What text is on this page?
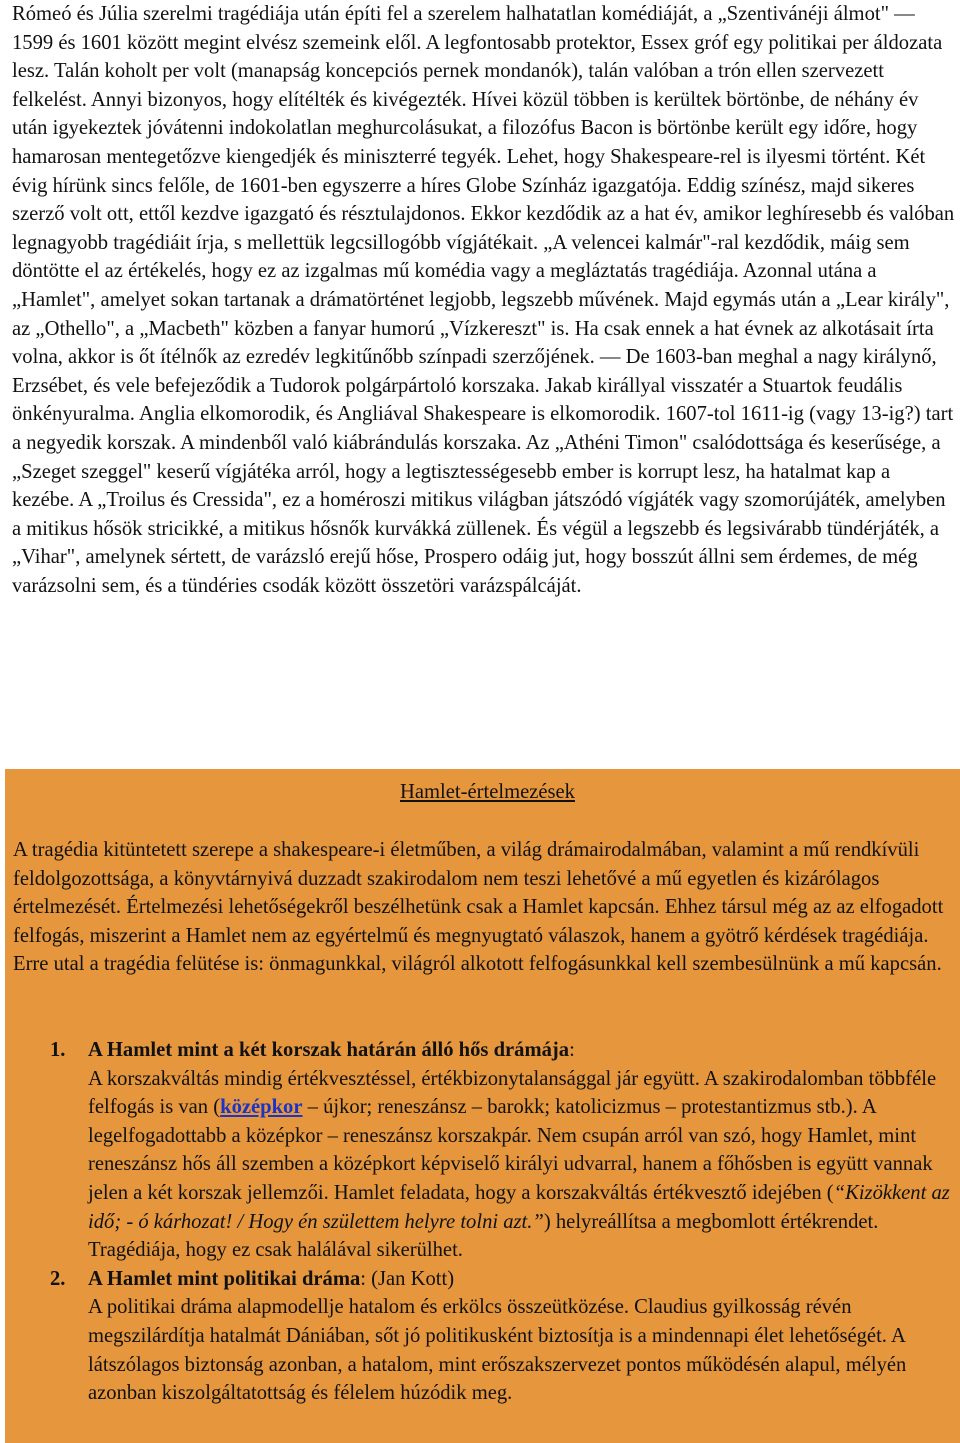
Rómeó és Júlia szerelmi tragédiája után építi fel a szerelem halhatatlan komédiáját, a „Szentivánéji álmot" — 1599 és 1601 között megint elvész szemeink elől. A legfontosabb protektor, Essex gróf egy politikai per áldozata lesz. Talán koholt per volt (manapság koncepciós pernek mondanók), talán valóban a trón ellen szervezett felkelést. Annyi bizonyos, hogy elítélték és kivégezték. Hívei közül többen is kerültek börtönbe, de néhány év után igyekeztek jóvátenni indokolatlan meghurcolásukat, a filozófus Bacon is börtönbe került egy időre, hogy hamarosan mentegetőzve kiengedjék és miniszterré tegyék. Lehet, hogy Shakespeare-rel is ilyesmi történt. Két évig hírünk sincs felőle, de 1601-ben egyszerre a híres Globe Színház igazgatója. Eddig színész, majd sikeres szerző volt ott, ettől kezdve igazgató és résztulajdonos. Ekkor kezdődik az a hat év, amikor leghíresebb és valóban legnagyobb tragédiáit írja, s mellettük legcsillogóbb vígjátékait. „A velencei kalmár"-ral kezdődik, máig sem döntötte el az értékelés, hogy ez az izgalmas mű komédia vagy a megláztatás tragédiája. Azonnal utána a „Hamlet", amelyet sokan tartanak a drámatörténet legjobb, legszebb művének. Majd egymás után a „Lear király", az „Othello", a „Macbeth" közben a fanyar humorú „Vízkereszt" is. Ha csak ennek a hat évnek az alkotásait írta volna, akkor is őt ítélnők az ezredév legkitűnőbb színpadi szerzőjének. — De 1603-ban meghal a nagy királynő, Erzsébet, és vele befejeződik a Tudorok polgárpártoló korszaka. Jakab királlyal visszatér a Stuartok feudális önkényuralma. Anglia elkomorodik, és Angliával Shakespeare is elkomorodik. 1607-tol 1611-ig (vagy 13-ig?) tart a negyedik korszak. A mindenből való kiábrándulás korszaka. Az „Athéni Timon" csalódottsága és keserűsége, a „Szeget szeggel" keserű vígjátéka arról, hogy a legtisztességesebb ember is korrupt lesz, ha hatalmat kap a kezébe. A „Troilus és Cressida", ez a homéroszi mitikus világban játszódó vígjáték vagy szomorújáték, amelyben a mitikus hősök stricikké, a mitikus hősnők kurvákká züllenek. És végül a legszebb és legsivárabb tündérjáték, a „Vihar", amelynek sértett, de varázsló erejű hőse, Prospero odáig jut, hogy bosszút állni sem érdemes, de még varázsolni sem, és a tündéries csodák között összetöri varázspálcáját.

Hamlet-értelmezések

A tragédia kitüntetett szerepe a shakespeare-i életműben, a világ drámairodalmában, valamint a mű rendkívüli feldolgozottsága, a könyvtárnyivá duzzadt szakirodalom nem teszi lehetővé a mű egyetlen és kizárólagos értelmezését. Értelmezési lehetőségekről beszélhetünk csak a Hamlet kapcsán. Ehhez társul még az az elfogadott felfogás, miszerint a Hamlet nem az egyértelmű és megnyugtató válaszok, hanem a gyötrő kérdések tragédiája. Erre utal a tragédia felütése is: önmagunkkal, világról alkotott felfogásunkkal kell szembesülnünk a mű kapcsán.

1. A Hamlet mint a két korszak határán álló hős drámája:
A korszakváltás mindig értékvesztéssel, értékbizonytalansággal jár együtt. A szakirodalomban többféle felfogás is van (középkor – újkor; reneszánsz – barokk; katolicizmus – protestantizmus stb.). A legelfogadottabb a középkor – reneszánsz korszakpár. Nem csupán arról van szó, hogy Hamlet, mint reneszánsz hős áll szemben a középkort képviselő királyi udvarral, hanem a főhősben is együtt vannak jelen a két korszak jellemzői. Hamlet feladata, hogy a korszakváltás értékvesztő idejében (“Kizökkent az idő; - ó kárhozat! / Hogy én születtem helyre tolni azt.”) helyreállítsa a megbomlott értékrendet. Tragédiája, hogy ez csak halálával sikerülhet.
2. A Hamlet mint politikai dráma: (Jan Kott)
A politikai dráma alapmodellje hatalom és erkölcs összeütközése. Claudius gyilkosság révén megszilárdítja hatalmát Dániában, sőt jó politikusként biztosítja is a mindennapi élet lehetőségét. A látszólagos biztonság azonban, a hatalom, mint erőszakszervezet pontos működésén alapul, mélyén azonban kiszolgáltatottság és félelem húzódik meg.
